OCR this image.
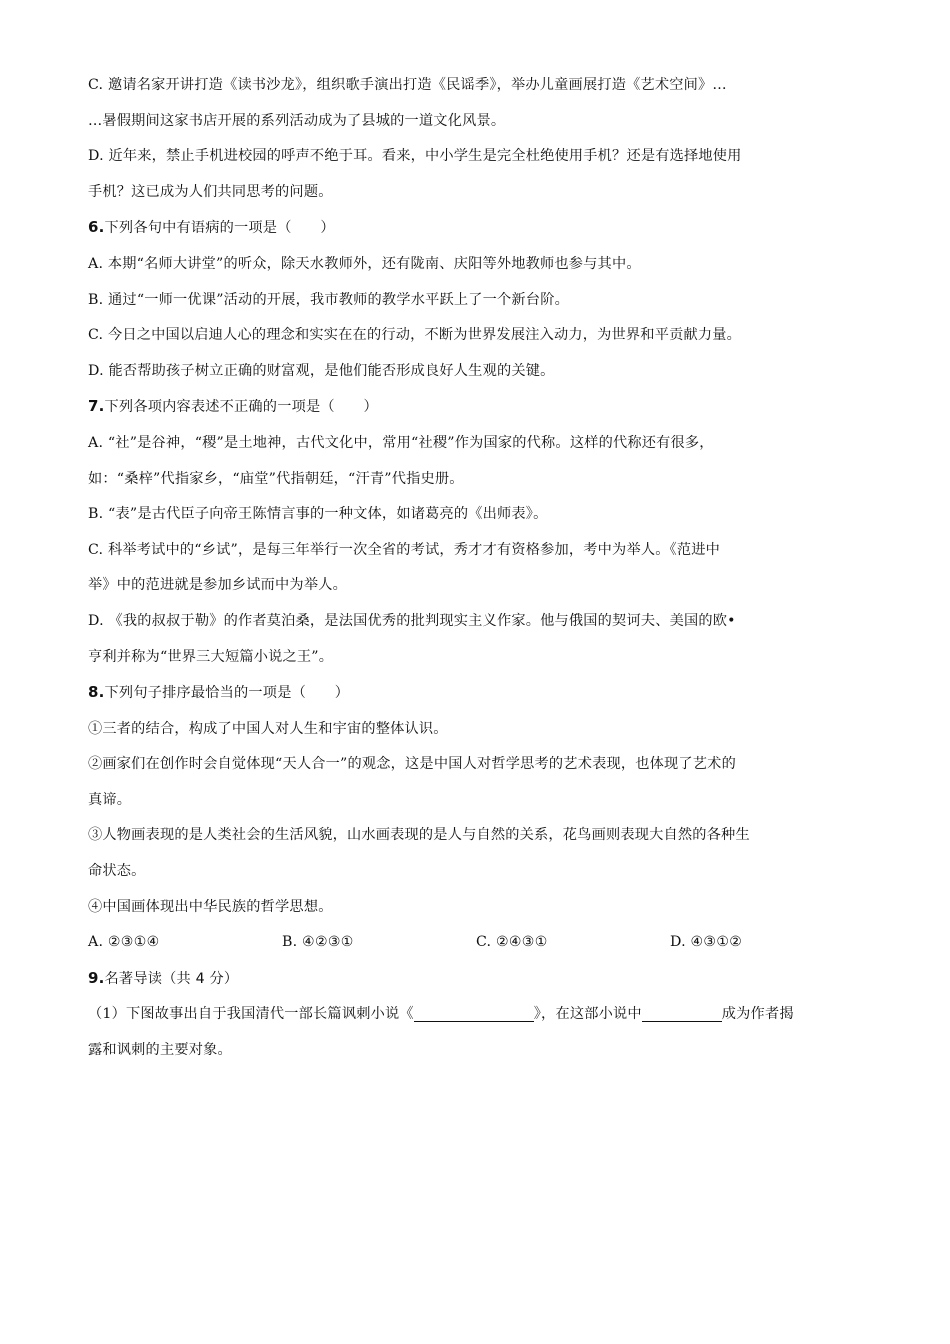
C. 邀请名家开讲打造《读书沙龙》，组织歌手演出打造《民谣季》，举办儿童画展打造《艺术空间》…
…暑假期间这家书店开展的系列活动成为了县城的一道文化风景。
D. 近年来，禁止手机进校园的呼声不绝于耳。看来，中小学生是完全杜绝使用手机？还是有选择地使用
手机？这已成为人们共同思考的问题。
6.下列各句中有语病的一项是（　　）
A. 本期“名师大讲堂”的听众，除天水教师外，还有陇南、庆阳等外地教师也参与其中。
B. 通过“一师一优课”活动的开展，我市教师的教学水平跃上了一个新台阶。
C. 今日之中国以启迪人心的理念和实实在在的行动，不断为世界发展注入动力，为世界和平贡献力量。
D. 能否帮助孩子树立正确的财富观，是他们能否形成良好人生观的关键。
7.下列各项内容表述不正确的一项是（　　）
A. “社”是谷神，“稷”是土地神，古代文化中，常用“社稷”作为国家的代称。这样的代称还有很多，
如：“桑梓”代指家乡，“庙堂”代指朝廷，“汗青”代指史册。
B. “表”是古代臣子向帝王陈情言事的一种文体，如诸葛亮的《出师表》。
C. 科举考试中的“乡试”，是每三年举行一次全省的考试，秀才才有资格参加，考中为举人。《范进中
举》中的范进就是参加乡试而中为举人。
D. 《我的叔叔于勒》的作者莫泊桑，是法国优秀的批判现实主义作家。他与俄国的契诃夫、美国的欧•
亨利并称为“世界三大短篇小说之王”。
8.下列句子排序最恰当的一项是（　　）
①三者的结合，构成了中国人对人生和宇宙的整体认识。
②画家们在创作时会自觉体现“天人合一”的观念，这是中国人对哲学思考的艺术表现，也体现了艺术的
真谛。
③人物画表现的是人类社会的生活风貌，山水画表现的是人与自然的关系，花鸟画则表现大自然的各种生
命状态。
④中国画体现出中华民族的哲学思想。
A. ②③①④	B. ④②③①	C. ②④③①	D. ④③①②
9.名著导读（共 4 分）
（1）下图故事出自于我国清代一部长篇讽刺小说《	》，在这部小说中	成为作者揭
露和讽刺的主要对象。
